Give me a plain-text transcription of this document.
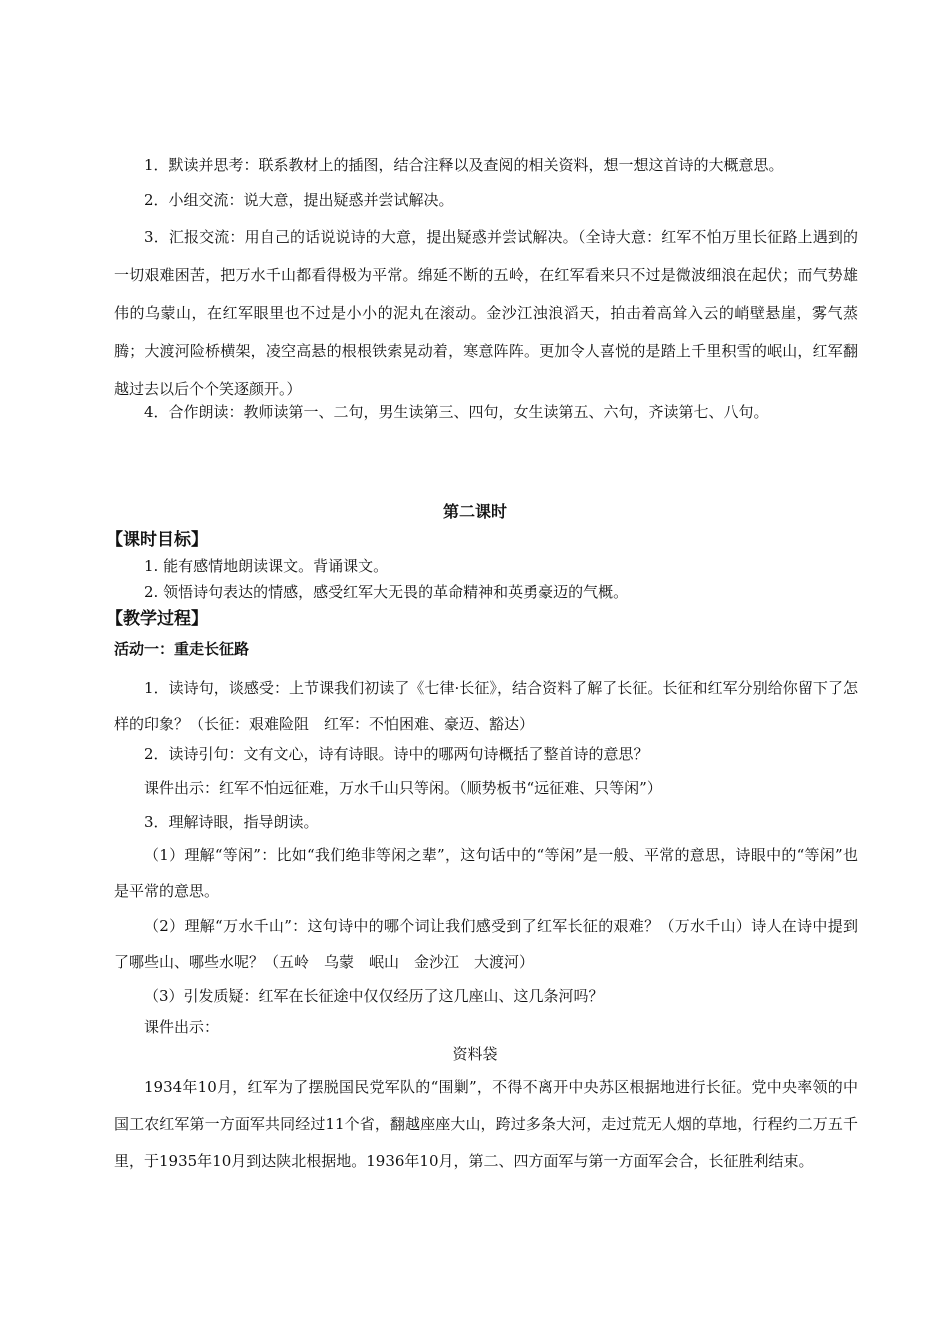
1．默读并思考：联系教材上的插图，结合注释以及查阅的相关资料，想一想这首诗的大概意思。

2．小组交流：说大意，提出疑惑并尝试解决。

3．汇报交流：用自己的话说说诗的大意，提出疑惑并尝试解决。（全诗大意：红军不怕万里长征路上遇到的一切艰难困苦，把万水千山都看得极为平常。绵延不断的五岭，在红军看来只不过是微波细浪在起伏；而气势雄伟的乌蒙山，在红军眼里也不过是小小的泥丸在滚动。金沙江浊浪滔天，拍击着高耸入云的峭壁悬崖，雾气蒸腾；大渡河险桥横架，凌空高悬的根根铁索晃动着，寒意阵阵。更加令人喜悦的是踏上千里积雪的岷山，红军翻越过去以后个个笑逐颜开。）

4．合作朗读：教师读第一、二句，男生读第三、四句，女生读第五、六句，齐读第七、八句。

第二课时

【课时目标】

1. 能有感情地朗读课文。背诵课文。

2. 领悟诗句表达的情感，感受红军大无畏的革命精神和英勇豪迈的气概。

【教学过程】

活动一：重走长征路

1．读诗句，谈感受：上节课我们初读了《七律·长征》，结合资料了解了长征。长征和红军分别给你留下了怎样的印象？（长征：艰难险阻　红军：不怕困难、豪迈、豁达）

2．读诗引句：文有文心，诗有诗眼。诗中的哪两句诗概括了整首诗的意思？

课件出示：红军不怕远征难，万水千山只等闲。（顺势板书“远征难、只等闲”）

3．理解诗眼，指导朗读。

（1）理解“等闲”：比如“我们绝非等闲之辈”，这句话中的“等闲”是一般、平常的意思，诗眼中的“等闲”也是平常的意思。

（2）理解“万水千山”：这句诗中的哪个词让我们感受到了红军长征的艰难？（万水千山）诗人在诗中提到了哪些山、哪些水呢？（五岭　乌蒙　岷山　金沙江　大渡河）

（3）引发质疑：红军在长征途中仅仅经历了这几座山、这几条河吗？

课件出示：

资料袋

1934年10月，红军为了摆脱国民党军队的“围剿”，不得不离开中央苏区根据地进行长征。党中央率领的中国工农红军第一方面军共同经过11个省，翻越座座大山，跨过多条大河，走过荒无人烟的草地，行程约二万五千里，于1935年10月到达陕北根据地。1936年10月，第二、四方面军与第一方面军会合，长征胜利结束。
